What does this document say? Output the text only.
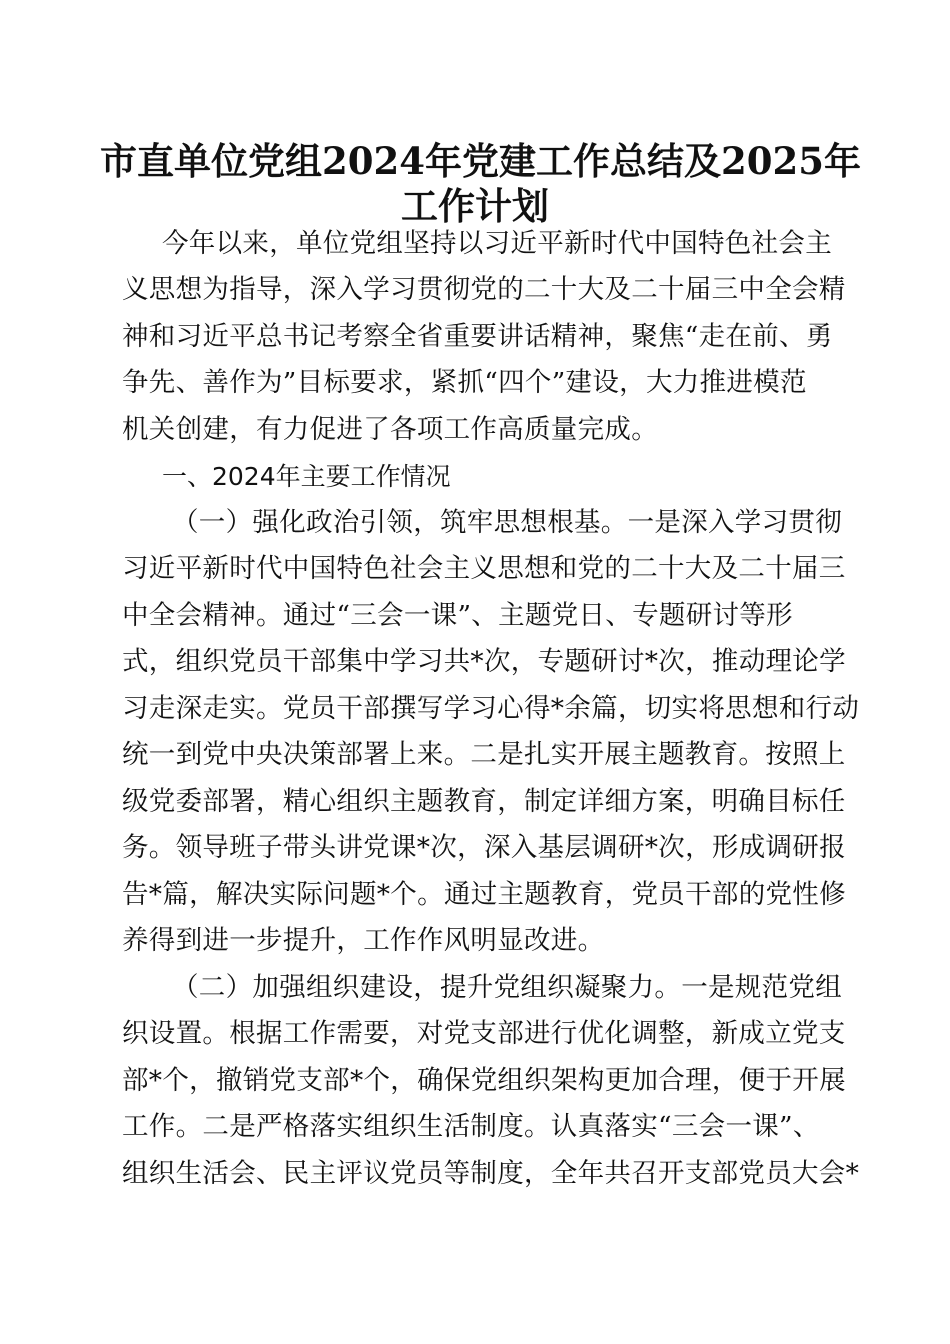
市直单位党组2024年党建工作总结及2025年
工作计划
今年以来，单位党组坚持以习近平新时代中国特色社会主
义思想为指导，深入学习贯彻党的二十大及二十届三中全会精
神和习近平总书记考察全省重要讲话精神，聚焦“走在前、勇
争先、善作为”目标要求，紧抓“四个”建设，大力推进模范
机关创建，有力促进了各项工作高质量完成。
一、2024年主要工作情况
（一）强化政治引领，筑牢思想根基。一是深入学习贯彻
习近平新时代中国特色社会主义思想和党的二十大及二十届三
中全会精神。通过“三会一课”、主题党日、专题研讨等形
式，组织党员干部集中学习共*次，专题研讨*次，推动理论学
习走深走实。党员干部撰写学习心得*余篇，切实将思想和行动
统一到党中央决策部署上来。二是扎实开展主题教育。按照上
级党委部署，精心组织主题教育，制定详细方案，明确目标任
务。领导班子带头讲党课*次，深入基层调研*次，形成调研报
告*篇，解决实际问题*个。通过主题教育，党员干部的党性修
养得到进一步提升，工作作风明显改进。
（二）加强组织建设，提升党组织凝聚力。一是规范党组
织设置。根据工作需要，对党支部进行优化调整，新成立党支
部*个，撤销党支部*个，确保党组织架构更加合理，便于开展
工作。二是严格落实组织生活制度。认真落实“三会一课”、
组织生活会、民主评议党员等制度，全年共召开支部党员大会*
